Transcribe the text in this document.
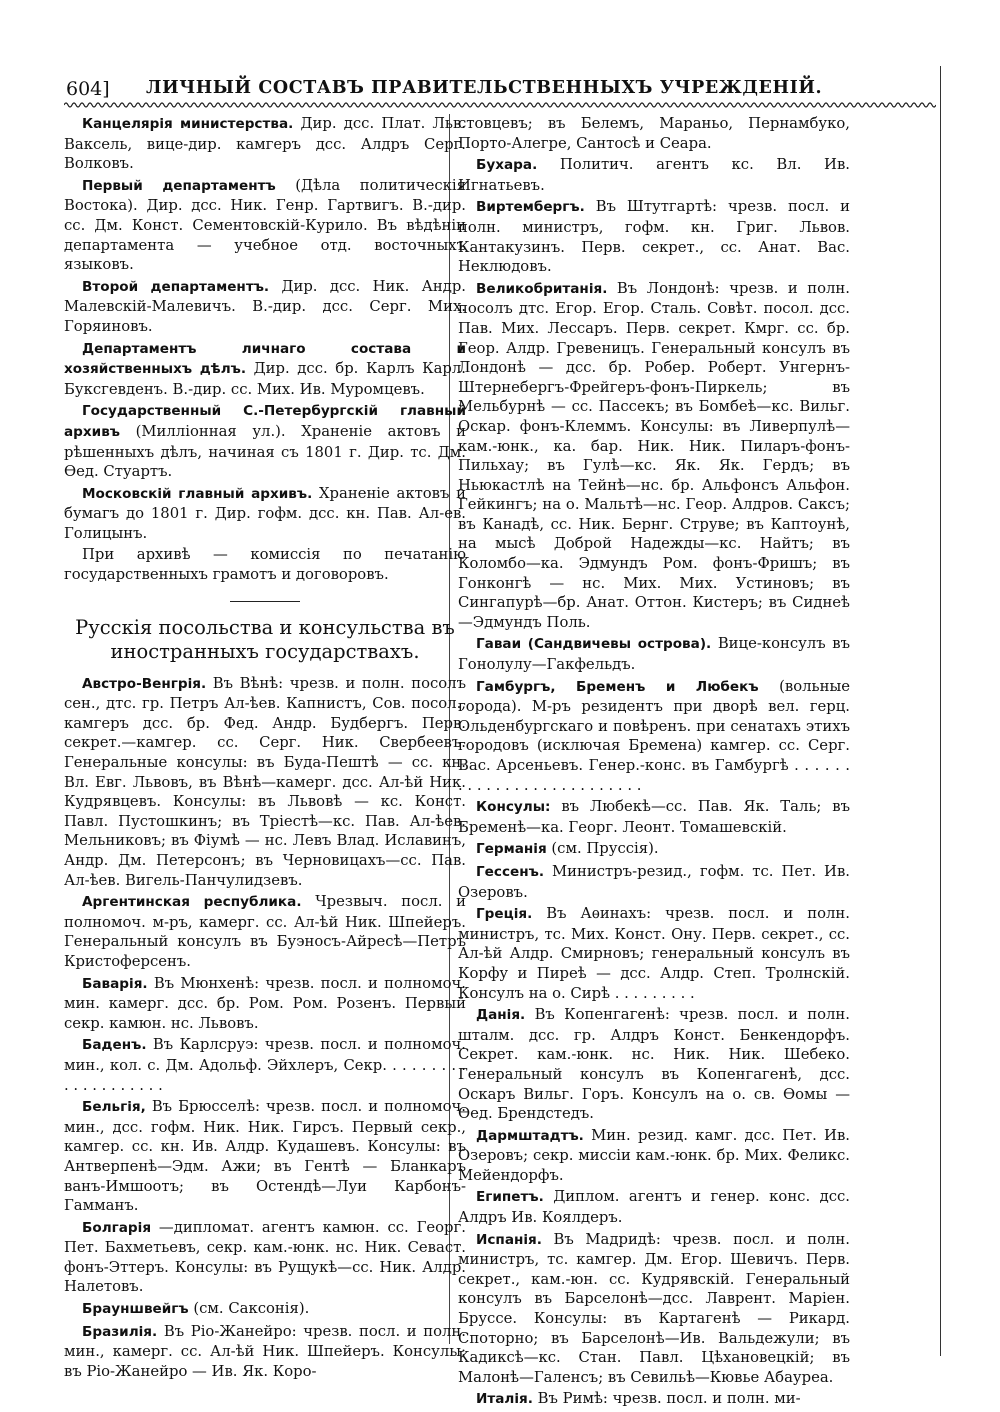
604] ЛИЧНЫЙ СОСТАВЪ ПРАВИТЕЛЬСТВЕННЫХЪ УЧРЕЖДЕНІЙ.

Канцелярія министерства. Дир. дсс. Плат. Льв. Ваксель, вице-дир. камгеръ дсс. Алдръ Серг. Волковъ.

Первый департаментъ (Дѣла политическія Востока). Дир. дсс. Ник. Генр. Гартвигъ. В.-дир. сс. Дм. Конст. Сементовскій-Курило. Въ вѣдѣніи департамента — учебное отд. восточныхъ языковъ.

Второй департаментъ. Дир. дсс. Ник. Андр. Малевскій-Малевичъ. В.-дир. дсс. Серг. Мих. Горяиновъ.

Департаментъ личнаго состава и хозяйственныхъ дѣлъ. Дир. дсс. бр. Карлъ Карл. Буксгевденъ. В.-дир. сс. Мих. Ив. Муромцевъ.

Государственный С.-Петербургскій главный архивъ (Милліонная ул.). Храненіе актовъ и рѣшенныхъ дѣлъ, начиная съ 1801 г. Дир. тс. Дм. Ѳед. Стуартъ.

Московскій главный архивъ. Храненіе актовъ и бумагъ до 1801 г. Дир. гофм. дсс. кн. Пав. Ал-ев. Голицынъ.

При архивѣ — комиссія по печатанію государственныхъ грамотъ и договоровъ.

Русскія посольства и консульства въ
иностранныхъ государствахъ.

Австро-Венгрія. Въ Вѣнѣ: чрезв. и полн. посолъ сен., дтс. гр. Петръ Ал-ѣев. Капнистъ, Сов. посол., камгеръ дсс. бр. Фед. Андр. Будбергъ. Перв. секрет.—камгер. сс. Серг. Ник. Свербеевъ. Генеральные консулы: въ Буда-Пештѣ — сс. кн. Вл. Евг. Львовъ, въ Вѣнѣ—камерг. дсс. Ал-ѣй Ник. Кудрявцевъ. Консулы: въ Львовѣ — кс. Конст. Павл. Пустошкинъ; въ Тріестѣ—кс. Пав. Ал-ѣев. Мельниковъ; въ Фіумѣ — нс. Левъ Влад. Иславинъ, Андр. Дм. Петерсонъ; въ Черновицахъ—сс. Пав. Ал-ѣев. Вигель-Панчулидзевъ.

Аргентинская республика. Чрезвыч. посл. и полномоч. м-ръ, камерг. сс. Ал-ѣй Ник. Шпейеръ. Генеральный консулъ въ Буэносъ-Айресѣ—Петръ Кристоферсенъ.

Баварія. Въ Мюнхенѣ: чрезв. посл. и полномоч. мин. камерг. дсс. бр. Ром. Ром. Розенъ. Первый секр. камюн. нс. Львовъ.

Баденъ. Въ Карлсруэ: чрезв. посл. и полномоч. мин., кол. с. Дм. Адольф. Эйхлеръ, Секр. . . . . . . . . . . . . . . . . . . .

Бельгія, Въ Брюсселѣ: чрезв. посл. и полномоч. мин., дсс. гофм. Ник. Ник. Гирсъ. Первый секр., камгер. сс. кн. Ив. Алдр. Кудашевъ. Консулы: въ Антверпенѣ—Эдм. Ажи; въ Гентѣ — Бланкаръ ванъ-Имшоотъ; въ Остендѣ—Луи Карбонъ-Гамманъ.

Болгарія —дипломат. агентъ камюн. сс. Георг. Пет. Бахметьевъ, секр. кам.-юнк. нс. Ник. Севаст. фонъ-Эттеръ. Консулы: въ Рущукѣ—сс. Ник. Алдр. Налетовъ.

Брауншвейгъ (см. Саксонія).

Бразилія. Въ Ріо-Жанейро: чрезв. посл. и полн. мин., камерг. сс. Ал-ѣй Ник. Шпейеръ. Консулы: въ Ріо-Жанейро — Ив. Як. Коро-

стовцевъ; въ Белемъ, Мараньо, Пернамбуко, Порто-Алегре, Сантосѣ и Сеара.

Бухара. Политич. агентъ кс. Вл. Ив. Игнатьевъ.

Виртембергъ. Въ Штутгартѣ: чрезв. посл. и полн. министръ, гофм. кн. Григ. Львов. Кантакузинъ. Перв. секрет., сс. Анат. Вас. Неклюдовъ.

Великобританія. Въ Лондонѣ: чрезв. и полн. посолъ дтс. Егор. Егор. Сталь. Совѣт. посол. дсс. Пав. Мих. Лессаръ. Перв. секрет. Кмрг. сс. бр. Геор. Алдр. Гревеницъ. Генеральный консулъ въ Лондонѣ — дсс. бр. Робер. Роберт. Унгернъ-Штернебергъ-Фрейгеръ-фонъ-Пиркель; въ Мельбурнѣ — сс. Пассекъ; въ Бомбеѣ—кс. Вильг. Оскар. фонъ-Клеммъ. Консулы: въ Ливерпулѣ—кам.-юнк., ка. бар. Ник. Ник. Пиларъ-фонъ-Пильхау; въ Гулѣ—кс. Як. Як. Гердъ; въ Ньюкастлѣ на Тейнѣ—нс. бр. Альфонсъ Альфон. Гейкингъ; на о. Мальтѣ—нс. Геор. Алдров. Саксъ; въ Канадѣ, сс. Ник. Бернг. Струве; въ Каптоунѣ, на мысѣ Доброй Надежды—кс. Найтъ; въ Коломбо—ка. Эдмундъ Ром. фонъ-Фришъ; въ Гонконгѣ — нс. Мих. Мих. Устиновъ; въ Сингапурѣ—бр. Анат. Оттон. Кистеръ; въ Сиднеѣ—Эдмундъ Поль.

Гаваи (Сандвичевы острова). Вице-консулъ въ Гонолулу—Гакфельдъ.

Гамбургъ, Бременъ и Любекъ (вольные города). М-ръ резидентъ при дворѣ вел. герц. Ольденбургскаго и повѣренъ. при сенатахъ этихъ городовъ (исключая Бремена) камгер. сс. Серг. Вас. Арсеньевъ. Генер.-конс. въ Гамбургѣ . . . . . . . . . . . . . . . . . . . . . . . . . .

Консулы: въ Любекѣ—сс. Пав. Як. Таль; въ Бременѣ—ка. Георг. Леонт. Томашевскій.

Германія (см. Пруссія).

Гессенъ. Министръ-резид., гофм. тс. Пет. Ив. Озеровъ.

Греція. Въ Аѳинахъ: чрезв. посл. и полн. министръ, тс. Мих. Конст. Ону. Перв. секрет., сс. Ал-ѣй Алдр. Смирновъ; генеральный консулъ въ Корфу и Пиреѣ — дсс. Алдр. Степ. Тролнскій. Консулъ на о. Сирѣ . . . . . . . . .

Данія. Въ Копенгагенѣ: чрезв. посл. и полн. шталм. дсс. гр. Алдръ Конст. Бенкендорфъ. Секрет. кам.-юнк. нс. Ник. Ник. Шебеко. Генеральный консулъ въ Копенгагенѣ, дсс. Оскаръ Вильг. Горъ. Консулъ на о. св. Ѳомы — Ѳед. Брендстедъ.

Дармштадтъ. Мин. резид. камг. дсс. Пет. Ив. Озеровъ; секр. миссіи кам.-юнк. бр. Мих. Феликс. Мейендорфъ.

Египетъ. Диплом. агентъ и генер. конс. дсс. Алдръ Ив. Коялдеръ.

Испанія. Въ Мадридѣ: чрезв. посл. и полн. министръ, тс. камгер. Дм. Егор. Шевичъ. Перв. секрет., кам.-юн. сс. Кудрявскій. Генеральный консулъ въ Барселонѣ—дсс. Лаврент. Маріен. Бруссе. Консулы: въ Картагенѣ — Рикард. Споторно; въ Барселонѣ—Ив. Вальдежули; въ Кадиксѣ—кс. Стан. Павл. Цѣхановецкій; въ Малонѣ—Галенсъ; въ Севильѣ—Кювье Абауреа.

Италія. Въ Римѣ: чрезв. посл. и полн. ми-
